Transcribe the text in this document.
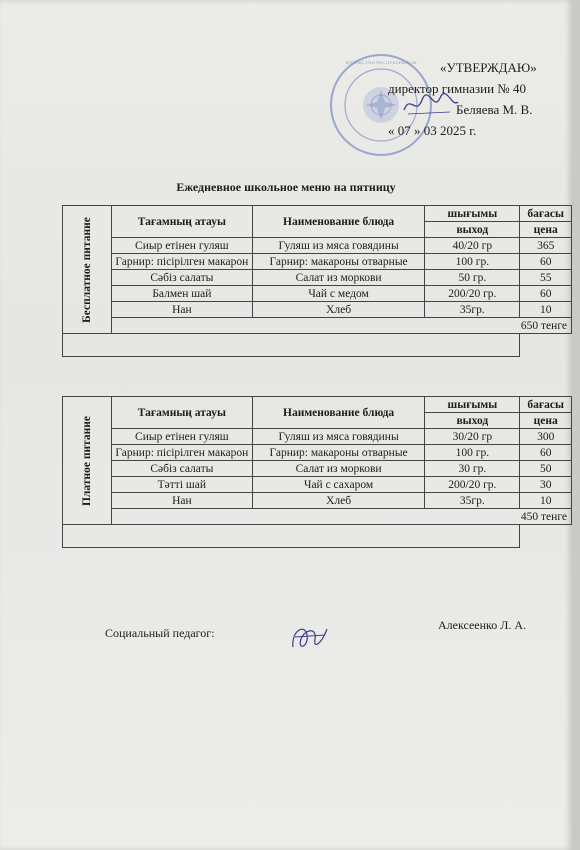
ҚАЗАҚСТАН РЕСПУБЛИКАСЫ	«УТВЕРЖДАЮ»
директор гимназии № 40
Беляева М. В.
« 07 » 03 2025 г.
Ежедневное школьное меню на пятницу
Бесплатное питание	Тағамның атауы	Наименование блюда	шығымы	бағасы
			выход	цена
	Сиыр етінен гуляш	Гуляш из мяса говядины	40/20 гр	365
	Гарнир: пісірілген макарон	Гарнир: макароны отварные	100 гр.	60
	Сәбіз салаты	Салат из моркови	50 гр.	55
	Балмен шай	Чай с медом	200/20 гр.	60
	Нан	Хлеб	35гр.	10
	650 тенге			

Платное питание	Тағамның атауы	Наименование блюда	шығымы	бағасы
			выход	цена
	Сиыр етінен гуляш	Гуляш из мяса говядины	30/20 гр	300
	Гарнир: пісірілген макарон	Гарнир: макароны отварные	100 гр.	60
	Сәбіз салаты	Салат из моркови	30 гр.	50
	Тәтті шай	Чай с сахаром	200/20 гр.	30
	Нан	Хлеб	35гр.	10
	450 тенге			

Социальный педагог:
Алексеенко Л. А.
